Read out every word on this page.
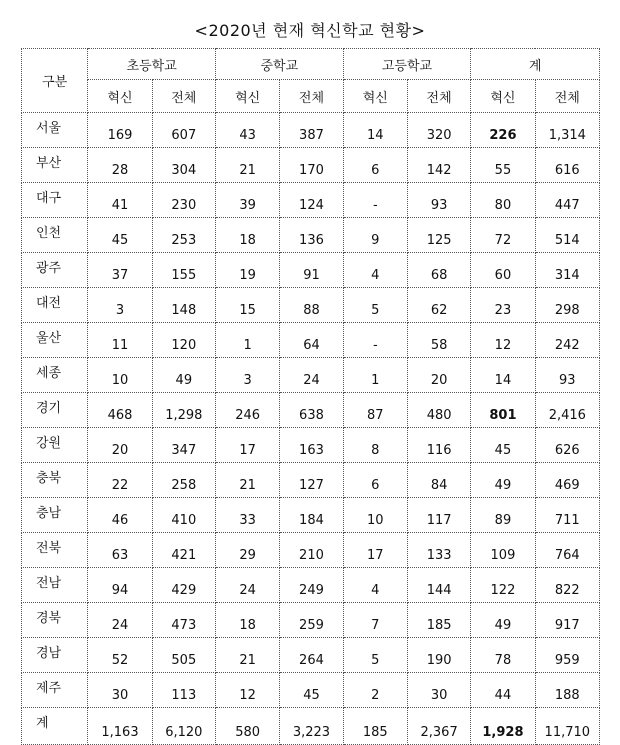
<2020년 현재 혁신학교 현황>
구분	초등학교		중학교		고등학교		계	
	혁신	전체	혁신	전체	혁신	전체	혁신	전체
서울	169	607	43	387	14	320	226	1,314
부산	28	304	21	170	6	142	55	616
대구	41	230	39	124	-	93	80	447
인천	45	253	18	136	9	125	72	514
광주	37	155	19	91	4	68	60	314
대전	3	148	15	88	5	62	23	298
울산	11	120	1	64	-	58	12	242
세종	10	49	3	24	1	20	14	93
경기	468	1,298	246	638	87	480	801	2,416
강원	20	347	17	163	8	116	45	626
충북	22	258	21	127	6	84	49	469
충남	46	410	33	184	10	117	89	711
전북	63	421	29	210	17	133	109	764
전남	94	429	24	249	4	144	122	822
경북	24	473	18	259	7	185	49	917
경남	52	505	21	264	5	190	78	959
제주	30	113	12	45	2	30	44	188
계	1,163	6,120	580	3,223	185	2,367	1,928	11,710
